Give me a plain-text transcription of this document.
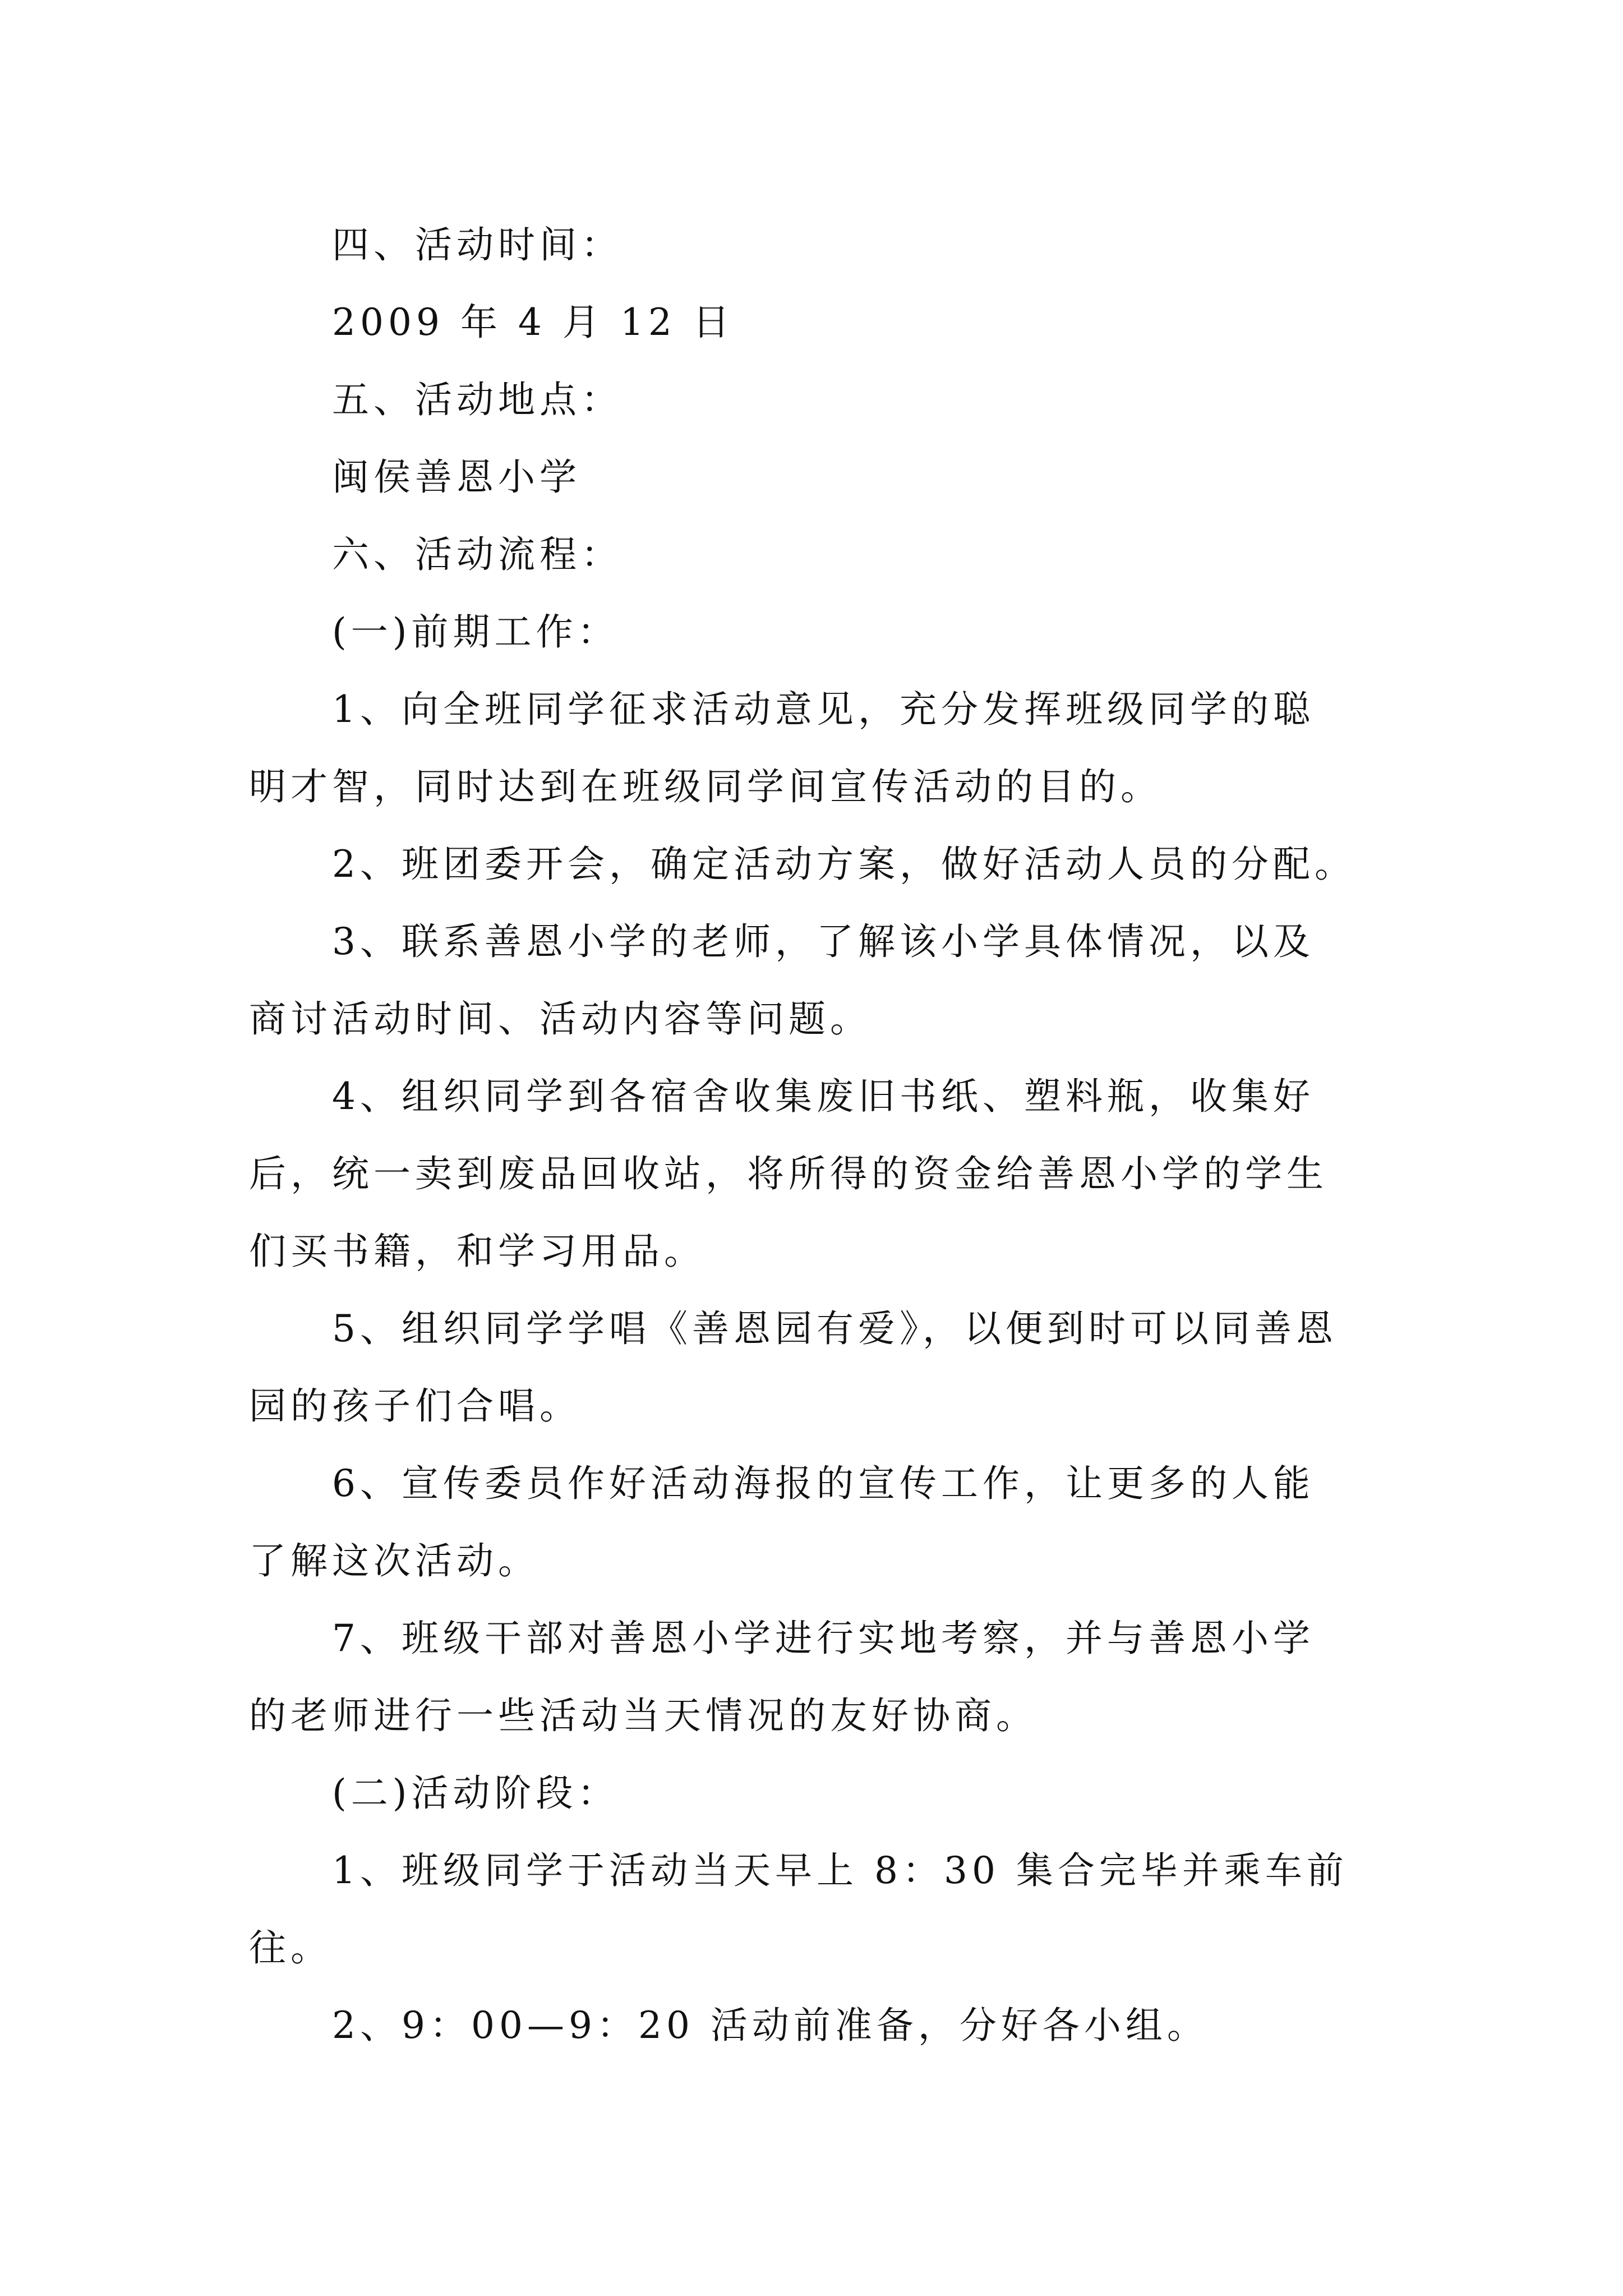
四、活动时间：
2009 年 4 月 12 日
五、活动地点：
闽侯善恩小学
六、活动流程：
(一)前期工作：
1、向全班同学征求活动意见，充分发挥班级同学的聪
明才智，同时达到在班级同学间宣传活动的目的。
2、班团委开会，确定活动方案，做好活动人员的分配。
3、联系善恩小学的老师，了解该小学具体情况，以及
商讨活动时间、活动内容等问题。
4、组织同学到各宿舍收集废旧书纸、塑料瓶，收集好
后，统一卖到废品回收站，将所得的资金给善恩小学的学生
们买书籍，和学习用品。
5、组织同学学唱《善恩园有爱》，以便到时可以同善恩
园的孩子们合唱。
6、宣传委员作好活动海报的宣传工作，让更多的人能
了解这次活动。
7、班级干部对善恩小学进行实地考察，并与善恩小学
的老师进行一些活动当天情况的友好协商。
(二)活动阶段：
1、班级同学于活动当天早上 8：30 集合完毕并乘车前
往。
2、9：00—9：20 活动前准备，分好各小组。
